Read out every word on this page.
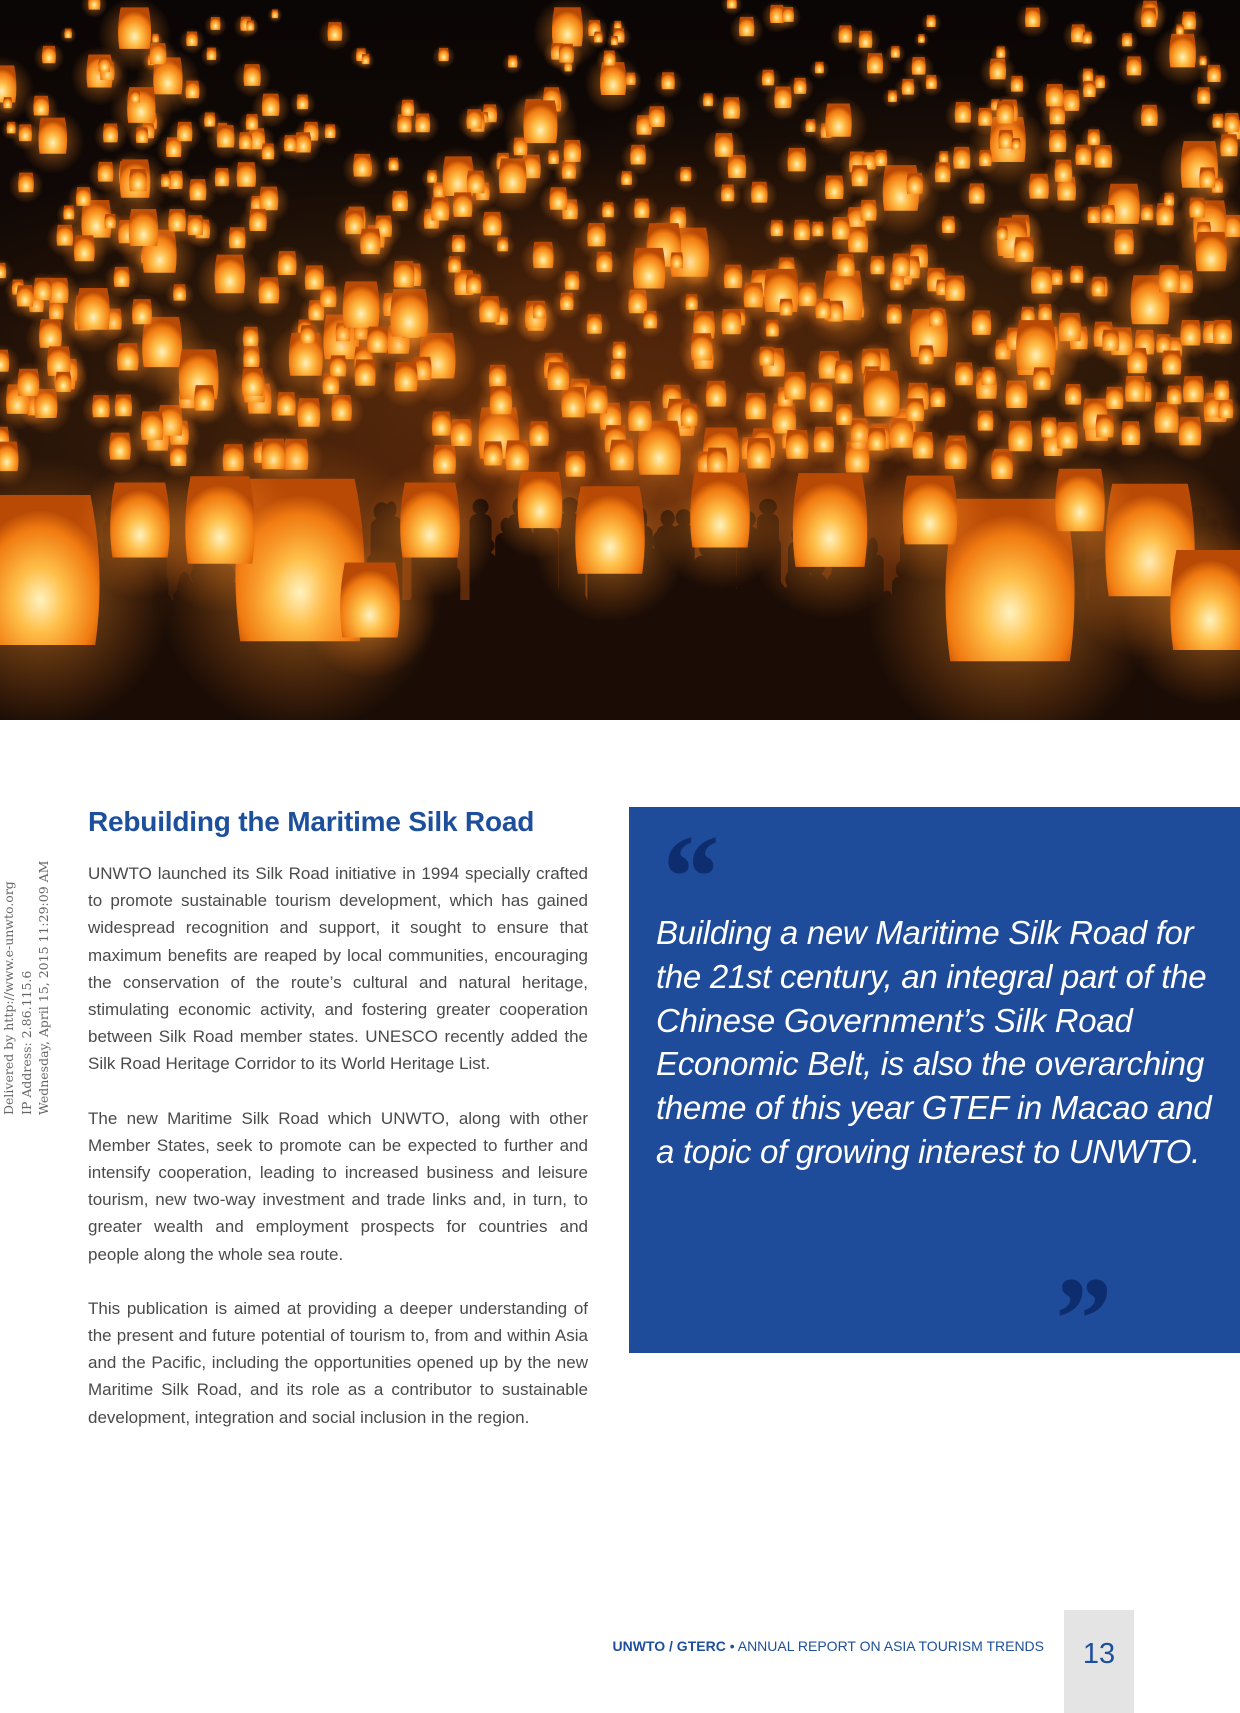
Delivered by http://www.e-unwto.org IP Address: 2.86.115.6 Wednesday, April 15, 2015 11:29:09 AM
Rebuilding the Maritime Silk Road

UNWTO launched its Silk Road initiative in 1994 specially crafted to promote sustainable tourism development, which has gained widespread recognition and support, it sought to ensure that maximum benefits are reaped by local communities, encouraging the conservation of the route’s cultural and natural heritage, stimulating economic activity, and fostering greater cooperation between Silk Road member states. UNESCO recently added the Silk Road Heritage Corridor to its World Heritage List.

The new Maritime Silk Road which UNWTO, along with other Member States, seek to promote can be expected to further and intensify cooperation, leading to increased business and leisure tourism, new two-way investment and trade links and, in turn, to greater wealth and employment prospects for countries and people along the whole sea route.

This publication is aimed at providing a deeper understanding of the present and future potential of tourism to, from and within Asia and the Pacific, including the opportunities opened up by the new Maritime Silk Road, and its role as a contributor to sustainable development, integration and social inclusion in the region.

“
Building a new Maritime Silk Road for the 21st century, an integral part of the Chinese Government’s Silk Road Economic Belt, is also the overarching theme of this year GTEF in Macao and a topic of growing interest to UNWTO.
”
UNWTO / GTERC • ANNUAL REPORT ON ASIA TOURISM TRENDS	13
